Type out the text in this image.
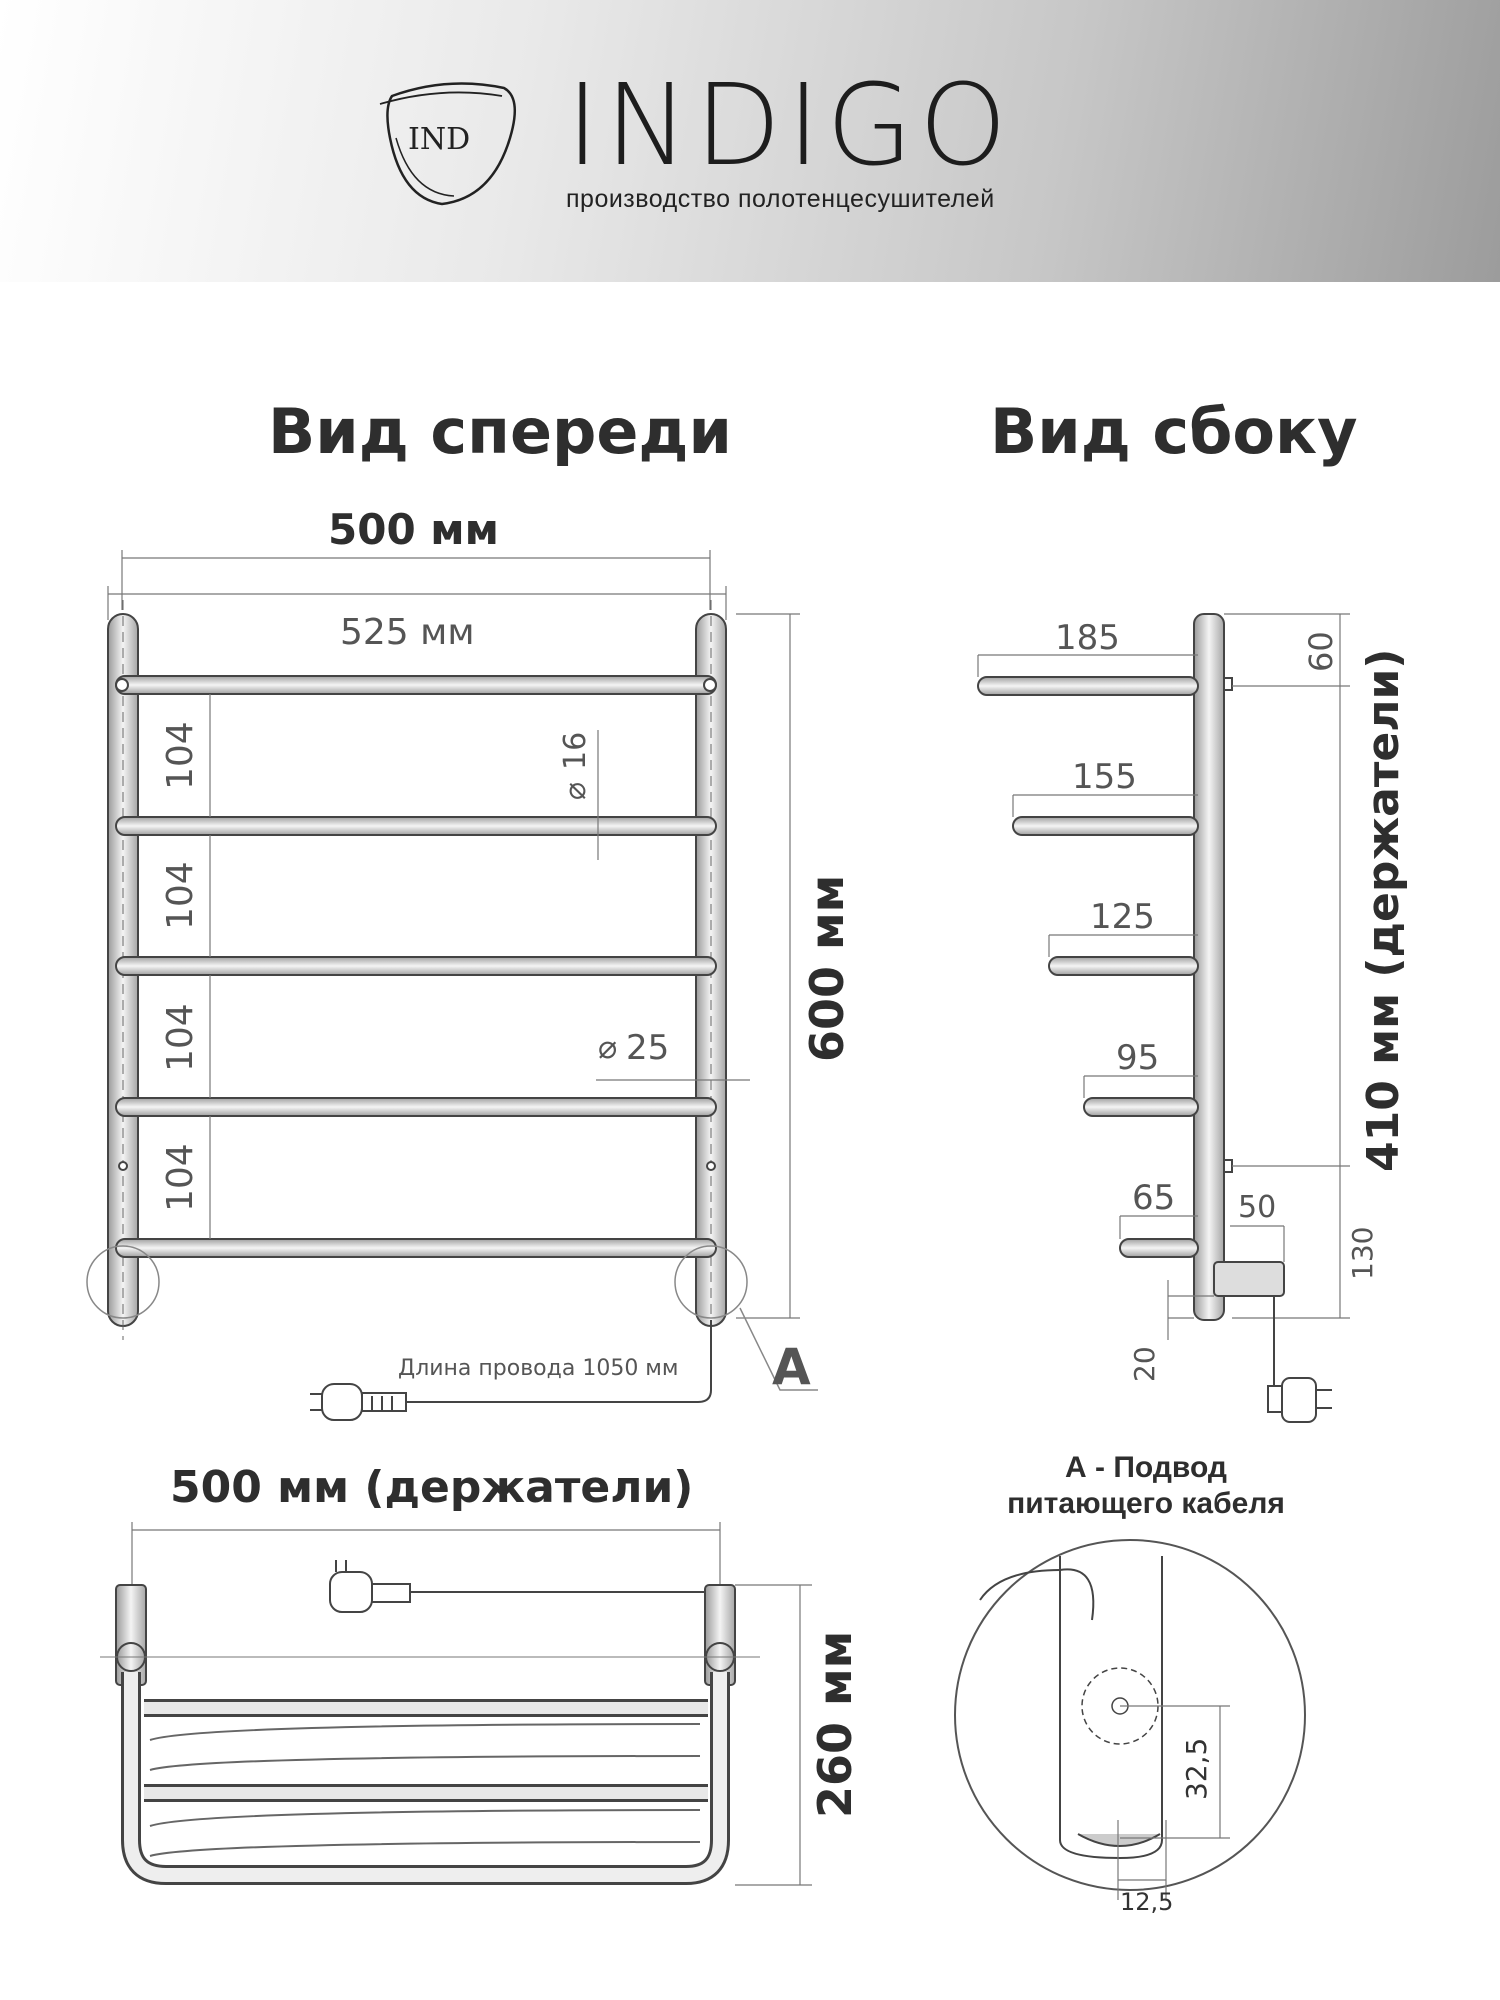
IND INDIGO
производство полотенцесушителей
Вид спереди	Вид сбоку
500 мм
525 мм
104
104
104
104
⌀
16
⌀ 25	600 мм
Длина провода 1050 мм A
185
155
125
95
65 50
60 410 мм (держатели)
130
20
500 мм (держатели)
260 мм
А - Подвод
питающего кабеля
32,5
12,5
